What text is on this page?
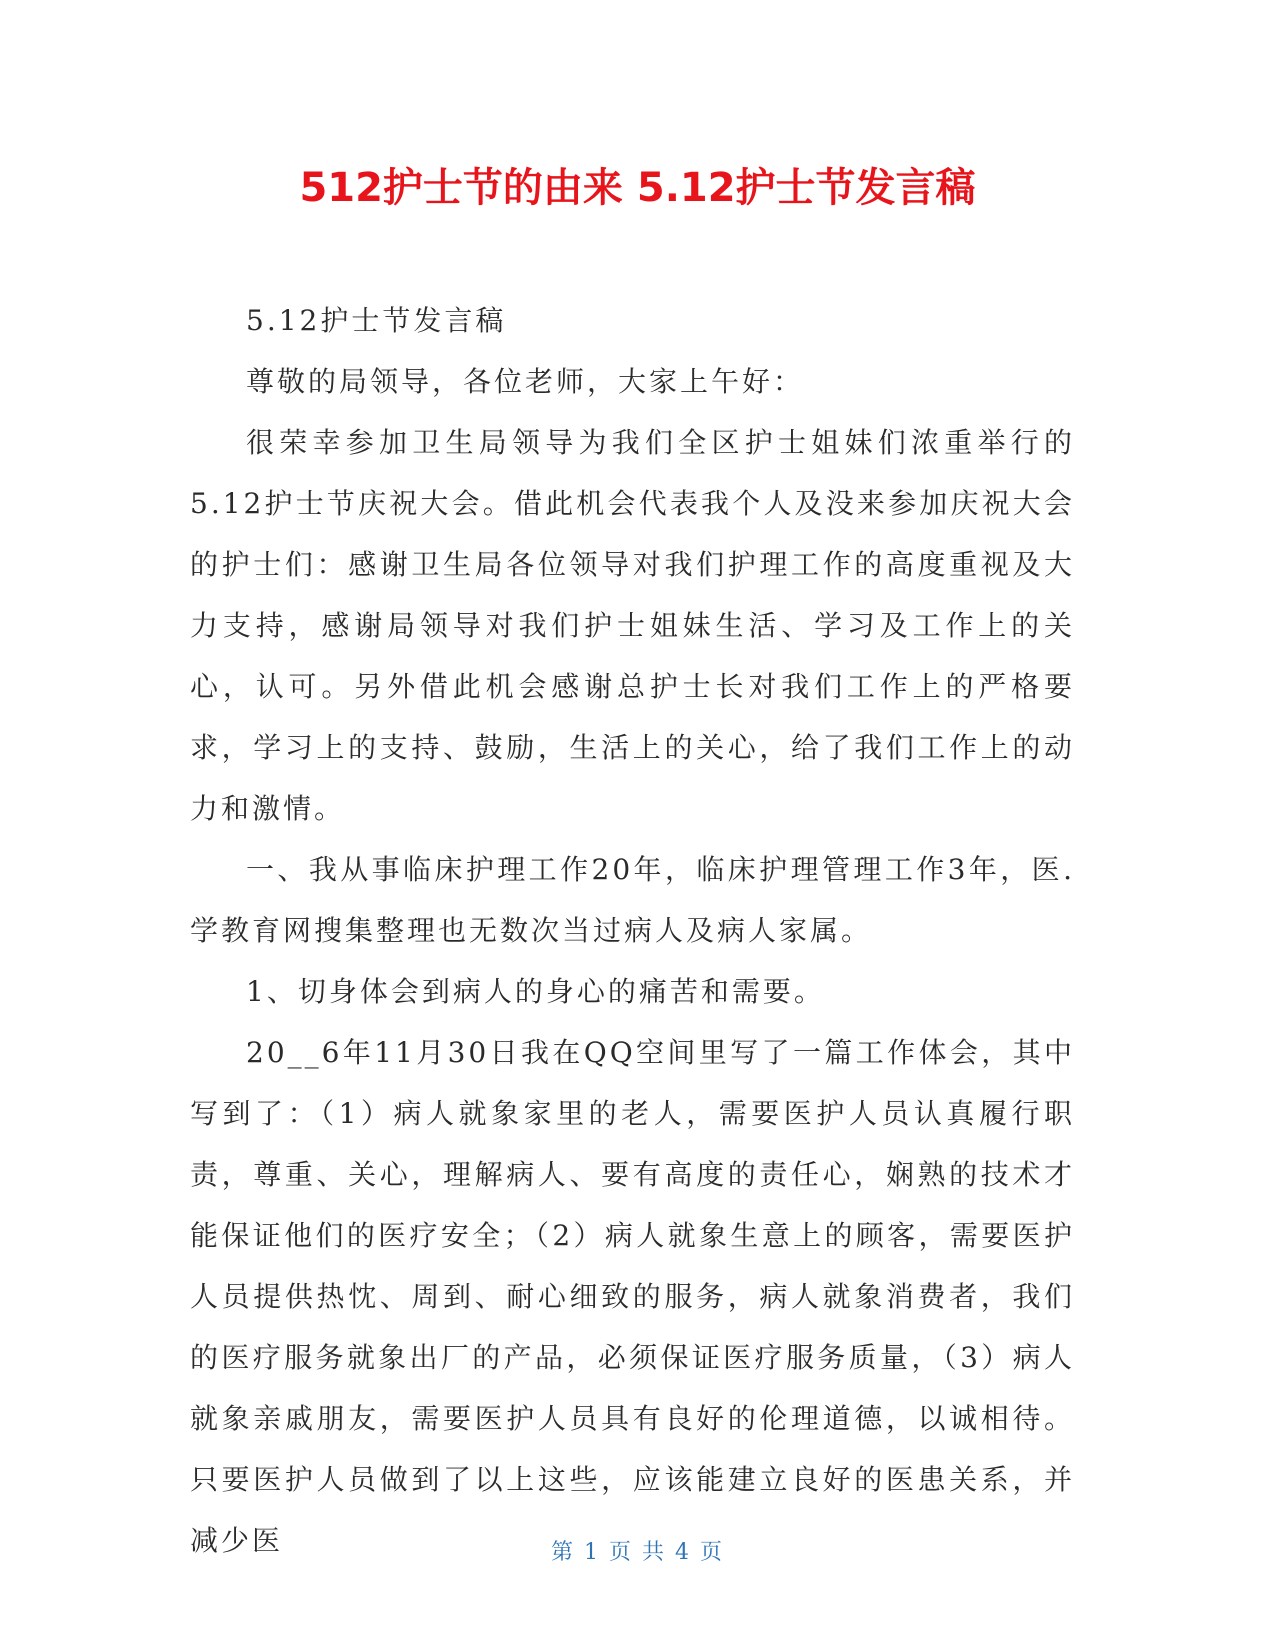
512护士节的由来 5.12护士节发言稿

5.12护士节发言稿

尊敬的局领导，各位老师，大家上午好：

很荣幸参加卫生局领导为我们全区护士姐妹们浓重举行的5.12护士节庆祝大会。借此机会代表我个人及没来参加庆祝大会的护士们：感谢卫生局各位领导对我们护理工作的高度重视及大力支持，感谢局领导对我们护士姐妹生活、学习及工作上的关心，认可。另外借此机会感谢总护士长对我们工作上的严格要求，学习上的支持、鼓励，生活上的关心，给了我们工作上的动力和激情。

一、我从事临床护理工作20年，临床护理管理工作3年，医.学教育网搜集整理也无数次当过病人及病人家属。

1、切身体会到病人的身心的痛苦和需要。

20__6年11月30日我在QQ空间里写了一篇工作体会，其中写到了：（1）病人就象家里的老人，需要医护人员认真履行职责，尊重、关心，理解病人、要有高度的责任心，娴熟的技术才能保证他们的医疗安全；（2）病人就象生意上的顾客，需要医护人员提供热忱、周到、耐心细致的服务，病人就象消费者，我们的医疗服务就象出厂的产品，必须保证医疗服务质量，（3）病人就象亲戚朋友，需要医护人员具有良好的伦理道德，以诚相待。只要医护人员做到了以上这些，应该能建立良好的医患关系，并减少医	第 1 页 共 4 页
